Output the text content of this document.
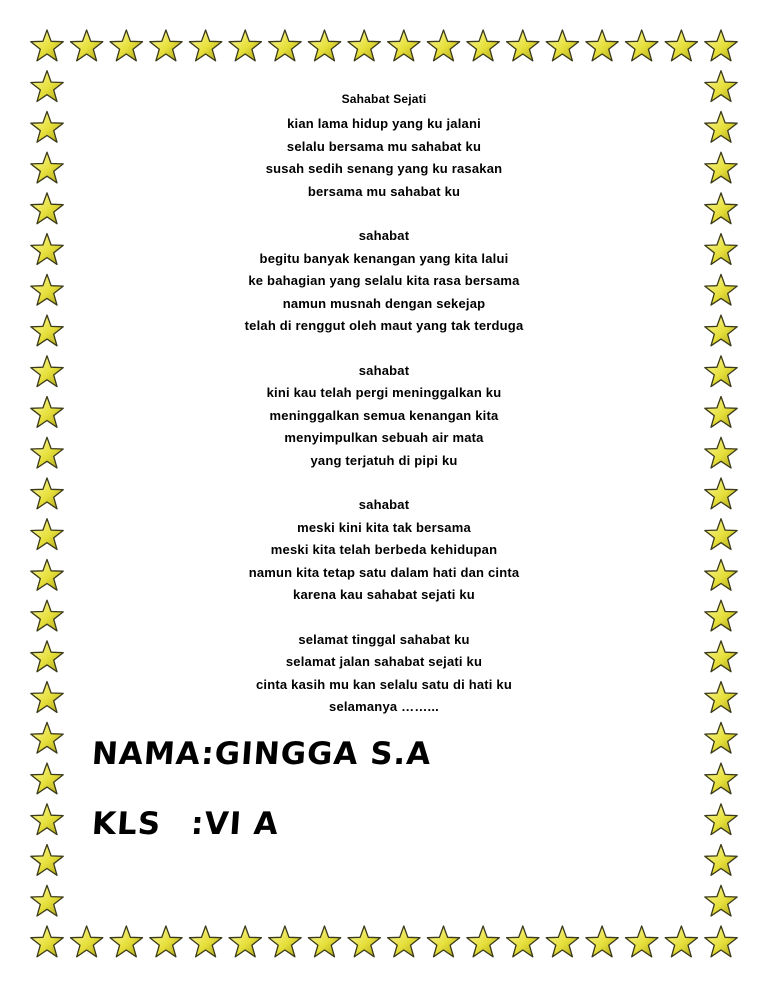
Sahabat Sejati
kian lama hidup yang ku jalani
selalu bersama mu sahabat ku
susah sedih senang yang ku rasakan
bersama mu sahabat ku
sahabat
begitu banyak kenangan yang kita lalui
ke bahagian yang selalu kita rasa bersama
namun musnah dengan sekejap
telah di renggut oleh maut yang tak terduga
sahabat
kini kau telah pergi meninggalkan ku
meninggalkan semua kenangan kita
menyimpulkan sebuah air mata
yang terjatuh di pipi ku
sahabat
meski kini kita tak bersama
meski kita telah berbeda kehidupan
namun kita tetap satu dalam hati dan cinta
karena kau sahabat sejati ku
selamat tinggal sahabat ku
selamat jalan sahabat sejati ku
cinta kasih mu kan selalu satu di hati ku
selamanya ……...
NAMA:GINGGA S.A
KLS :VI A
